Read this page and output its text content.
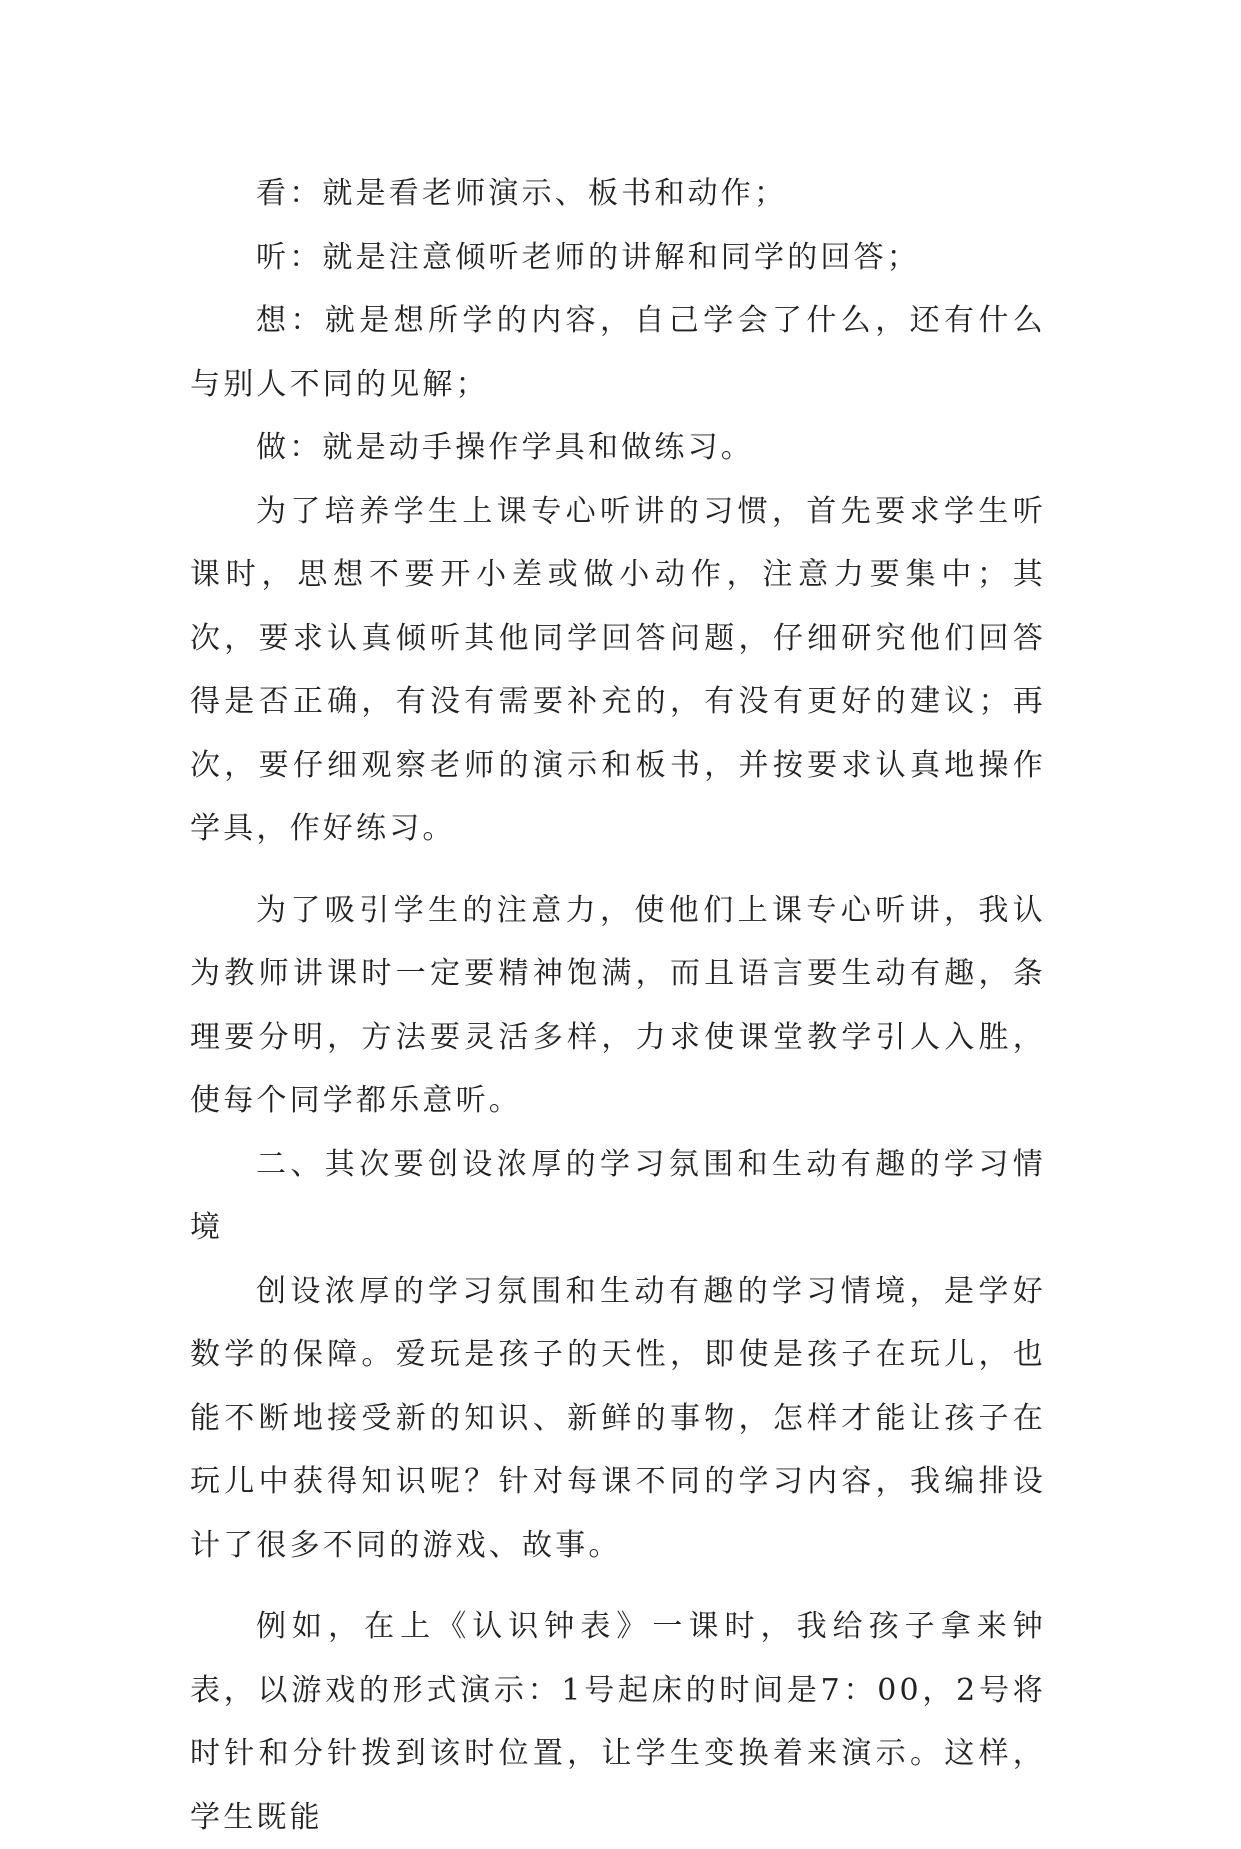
看：就是看老师演示、板书和动作；

听：就是注意倾听老师的讲解和同学的回答；

想：就是想所学的内容，自己学会了什么，还有什么与别人不同的见解；

做：就是动手操作学具和做练习。

为了培养学生上课专心听讲的习惯，首先要求学生听课时，思想不要开小差或做小动作，注意力要集中；其次，要求认真倾听其他同学回答问题，仔细研究他们回答得是否正确，有没有需要补充的，有没有更好的建议；再次，要仔细观察老师的演示和板书，并按要求认真地操作学具，作好练习。

为了吸引学生的注意力，使他们上课专心听讲，我认为教师讲课时一定要精神饱满，而且语言要生动有趣，条理要分明，方法要灵活多样，力求使课堂教学引人入胜，使每个同学都乐意听。

二、其次要创设浓厚的学习氛围和生动有趣的学习情境

创设浓厚的学习氛围和生动有趣的学习情境，是学好数学的保障。爱玩是孩子的天性，即使是孩子在玩儿，也能不断地接受新的知识、新鲜的事物，怎样才能让孩子在玩儿中获得知识呢？针对每课不同的学习内容，我编排设计了很多不同的游戏、故事。

例如，在上《认识钟表》一课时，我给孩子拿来钟表，以游戏的形式演示：1号起床的时间是7：00，2号将时针和分针拨到该时位置，让学生变换着来演示。这样，学生既能
